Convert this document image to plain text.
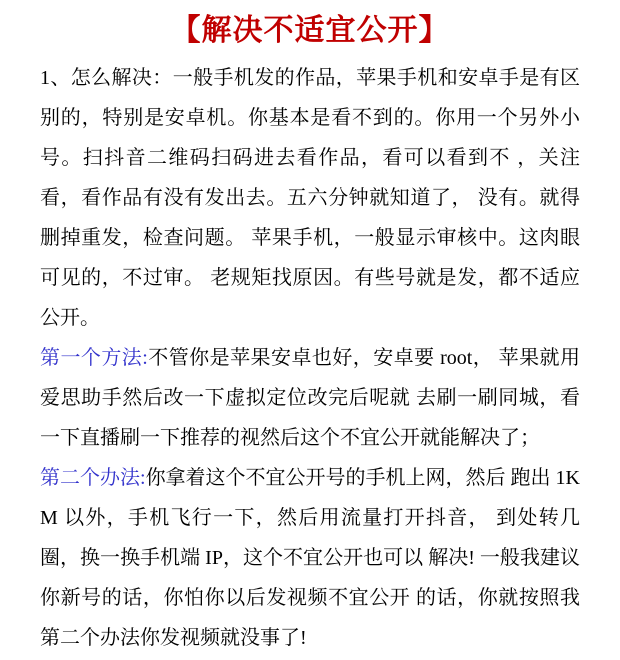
【解决不适宜公开】

1、怎么解决：一般手机发的作品，苹果手机和安卓手是有区别的，特别是安卓机。你基本是看不到的。你用一个另外小号。扫抖音二维码扫码进去看作品，看可以看到不 ，关注看，看作品有没有发出去。五六分钟就知道了， 没有。就得删掉重发，检查问题。 苹果手机，一般显示审核中。这肉眼可见的，不过审。 老规矩找原因。有些号就是发，都不适应公开。

第一个方法:不管你是苹果安卓也好，安卓要 root， 苹果就用爱思助手然后改一下虚拟定位改完后呢就 去刷一刷同城，看一下直播刷一下推荐的视然后这个不宜公开就能解决了；

第二个办法:你拿着这个不宜公开号的手机上网，然后 跑出 1KM 以外，手机飞行一下，然后用流量打开抖音， 到处转几圈，换一换手机端 IP，这个不宜公开也可以 解决! 一般我建议你新号的话，你怕你以后发视频不宜公开 的话，你就按照我第二个办法你发视频就没事了!
